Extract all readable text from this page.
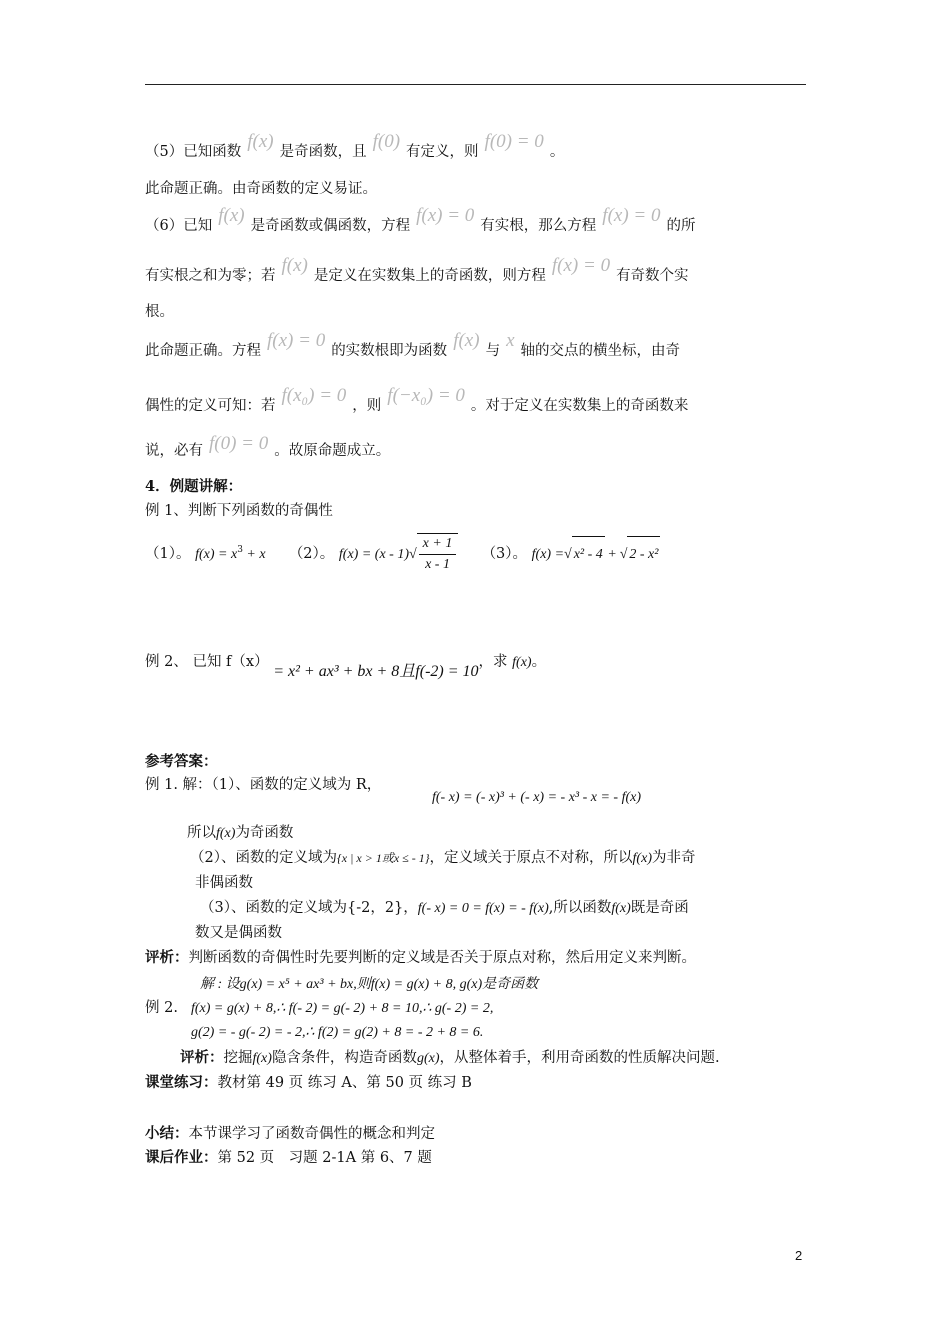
（5）已知函数 f(x) 是奇函数，且 f(0) 有定义，则 f(0) = 0 。
此命题正确。由奇函数的定义易证。
（6）已知 f(x) 是奇函数或偶函数，方程 f(x) = 0 有实根，那么方程 f(x) = 0 的所
有实根之和为零；若 f(x) 是定义在实数集上的奇函数，则方程 f(x) = 0 有奇数个实
根。
此命题正确。方程 f(x) = 0 的实数根即为函数 f(x) 与 x 轴的交点的横坐标，由奇
偶性的定义可知：若 f(x₀) = 0 ，则 f(−x₀) = 0 。对于定义在实数集上的奇函数来
说，必有 f(0) = 0 。故原命题成立。
4．例题讲解：
例 1、判断下列函数的奇偶性
（1）。 $f(x) = x^3 + x$ （2）。 $f(x) = (x - 1)√ \frac{x + 1}{x - 1} (3)$。 f(x) =√ x² - 4 + √ 2 - x²
例 2、 已知 f（x） = x² + ax³ + bx + 8且f(-2) = 10，求 f(x)。
参考答案：
例 1. 解：（1）、函数的定义域为 R，
f(- x) = (- x)³ + (- x) = - x³ - x = - f(x)
所以f(x)为奇函数
（2）、函数的定义域为{x | x > 1或x ≤ - 1}，定义域关于原点不对称，所以f(x)为非奇
非偶函数
（3）、函数的定义域为{-2，2}，f(- x) = 0 = f(x) = - f(x),所以函数f(x)既是奇函
数又是偶函数
评析：判断函数的奇偶性时先要判断的定义域是否关于原点对称，然后用定义来判断。
解 : 设g(x) = x⁵ + ax³ + bx,则f(x) = g(x) + 8, g(x)是奇函数
例 2. f(x) = g(x) + 8,∴ f(- 2) = g(- 2) + 8 = 10,∴ g(- 2) = 2,
g(2) = - g(- 2) = - 2,∴ f(2) = g(2) + 8 = - 2 + 8 = 6.
评析：挖掘f(x)隐含条件，构造奇函数g(x)，从整体着手，利用奇函数的性质解决问题.
课堂练习：教材第 49 页 练习 A、第 50 页 练习 B
小结：本节课学习了函数奇偶性的概念和判定
课后作业：第 52 页　习题 2-1A 第 6、7 题
2
